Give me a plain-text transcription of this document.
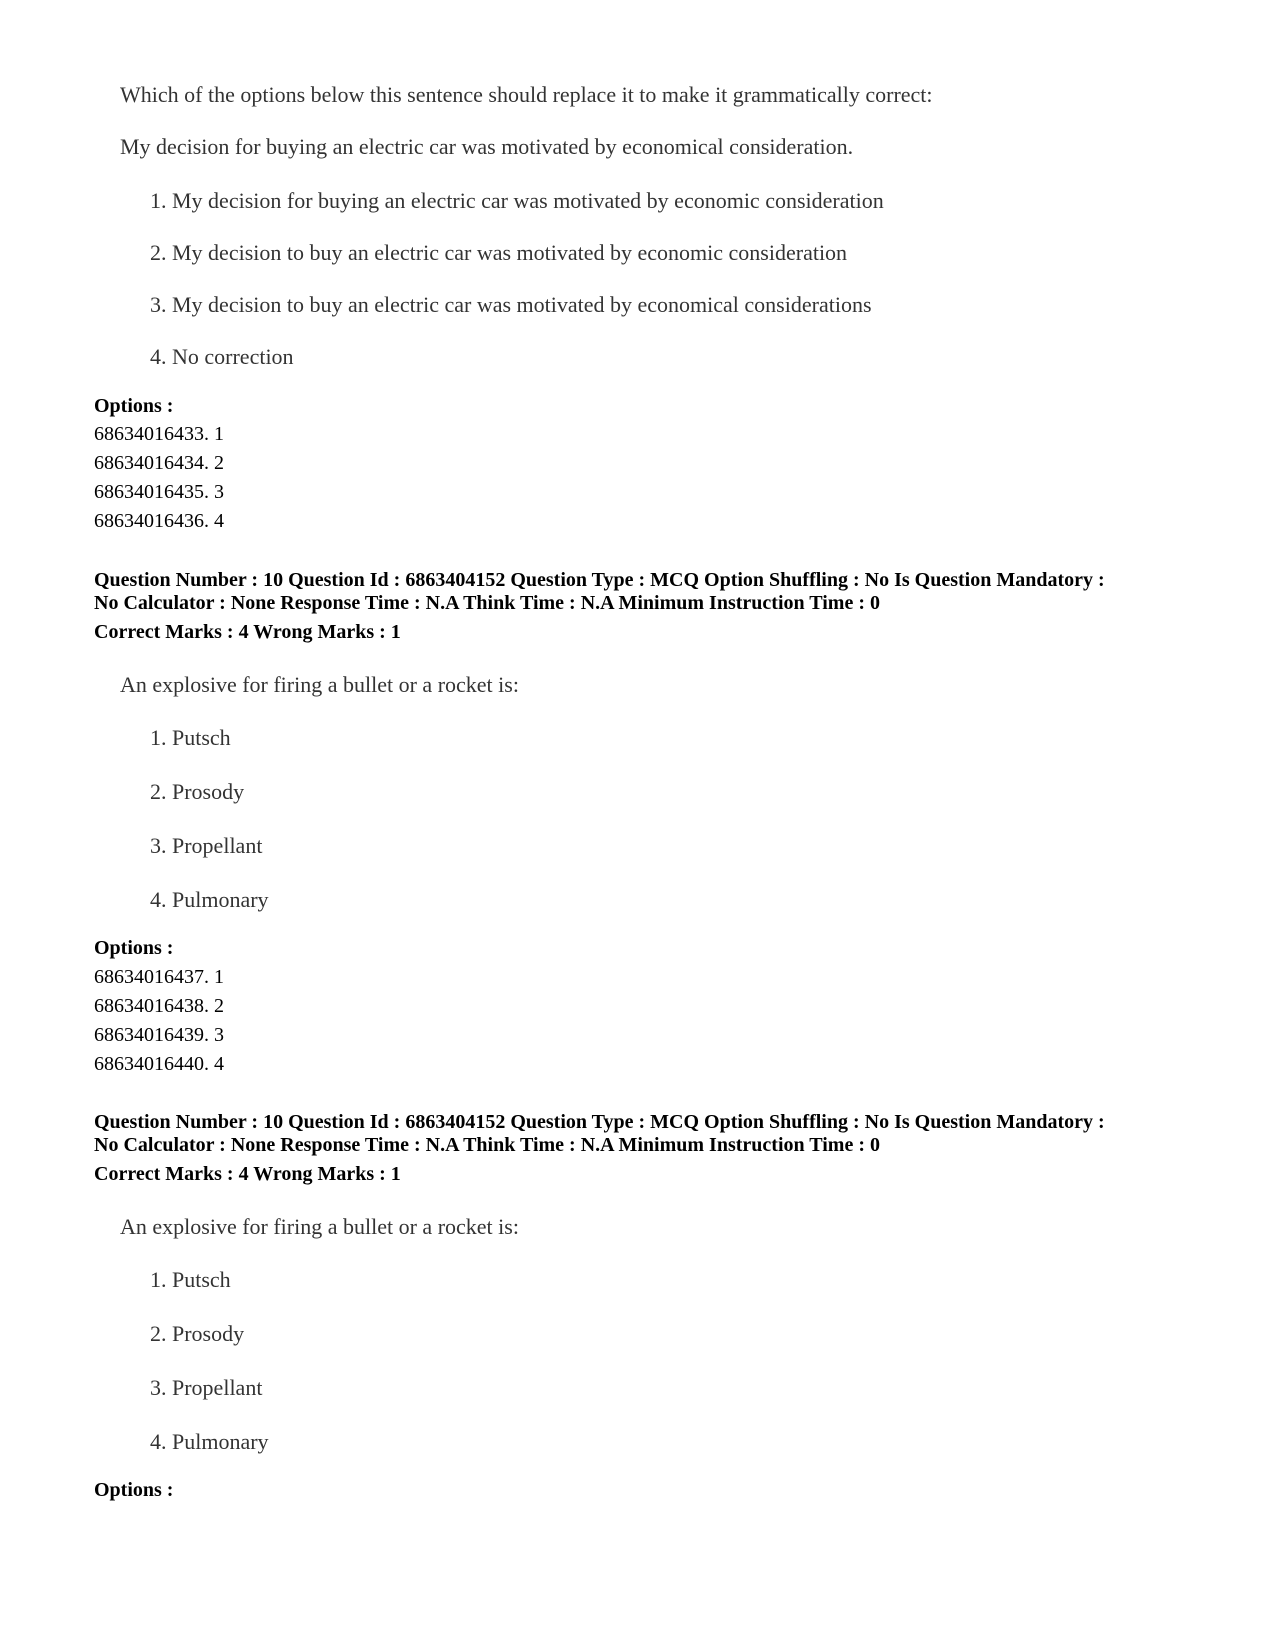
Which of the options below this sentence should replace it to make it grammatically correct:
My decision for buying an electric car was motivated by economical consideration.
1. My decision for buying an electric car was motivated by economic consideration
2. My decision to buy an electric car was motivated by economic consideration
3. My decision to buy an electric car was motivated by economical considerations
4. No correction
Options :
68634016433. 1
68634016434. 2
68634016435. 3
68634016436. 4
Question Number : 10 Question Id : 6863404152 Question Type : MCQ Option Shuffling : No Is Question Mandatory :
No Calculator : None Response Time : N.A Think Time : N.A Minimum Instruction Time : 0
Correct Marks : 4 Wrong Marks : 1
An explosive for firing a bullet or a rocket is:
1. Putsch
2. Prosody
3. Propellant
4. Pulmonary
Options :
68634016437. 1
68634016438. 2
68634016439. 3
68634016440. 4
Question Number : 10 Question Id : 6863404152 Question Type : MCQ Option Shuffling : No Is Question Mandatory :
No Calculator : None Response Time : N.A Think Time : N.A Minimum Instruction Time : 0
Correct Marks : 4 Wrong Marks : 1
An explosive for firing a bullet or a rocket is:
1. Putsch
2. Prosody
3. Propellant
4. Pulmonary
Options :
